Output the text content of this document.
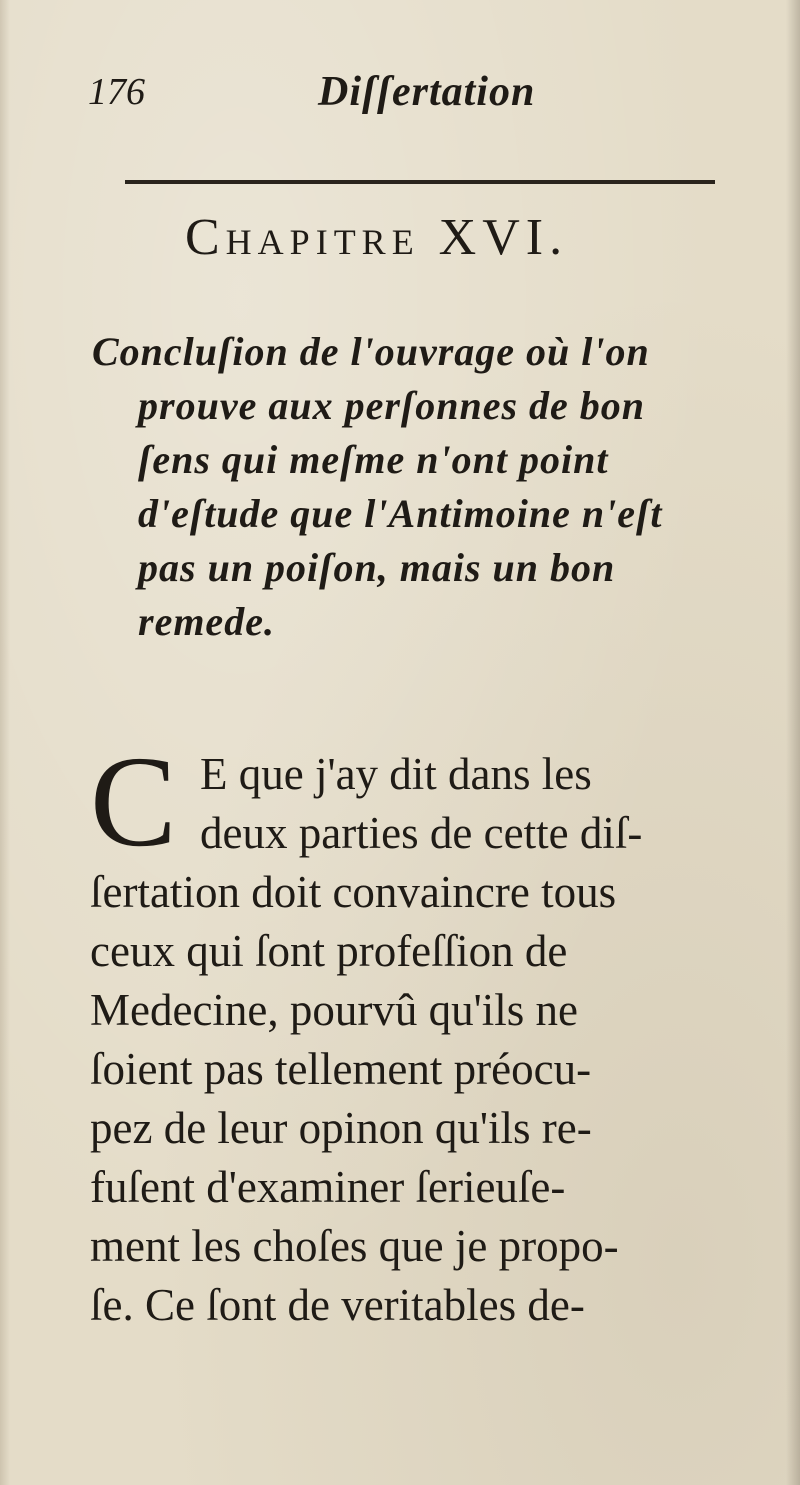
176	Diſſertation
Chapitre XVI.
Concluſion de l'ouvrage où l'on
prouve aux perſonnes de bon
ſens qui meſme n'ont point
d'eſtude que l'Antimoine n'eſt
pas un poiſon, mais un bon
remede.
C E que j'ay dit dans les
deux parties de cette diſ-
ſertation doit convaincre tous
ceux qui ſont profeſſion de
Medecine, pourvû qu'ils ne
ſoient pas tellement préocu-
pez de leur opinon qu'ils re-
fuſent d'examiner ſerieuſe-
ment les choſes que je propo-
ſe. Ce ſont de veritables de-
